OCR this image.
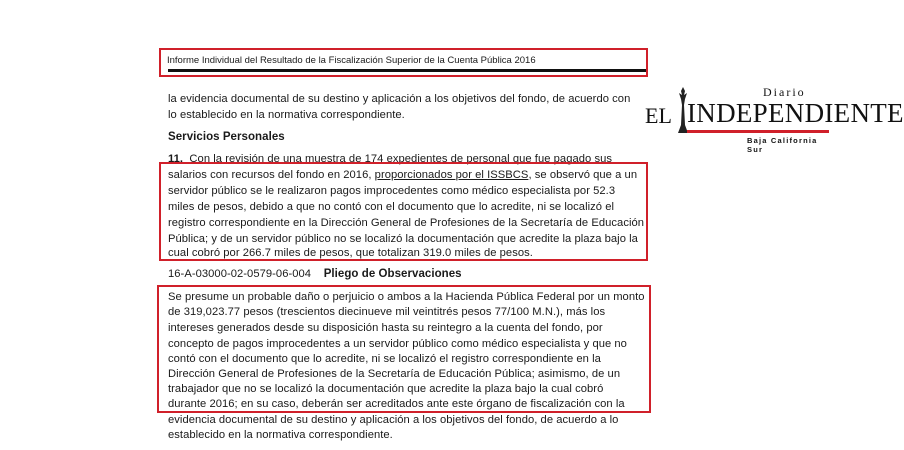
Informe Individual del Resultado de la Fiscalización Superior de la Cuenta Pública 2016
la evidencia documental de su destino y aplicación a los objetivos del fondo, de acuerdo con
lo establecido en la normativa correspondiente.
Servicios Personales
11. Con la revisión de una muestra de 174 expedientes de personal que fue pagado sus
salarios con recursos del fondo en 2016, proporcionados por el ISSBCS, se observó que a un
servidor público se le realizaron pagos improcedentes como médico especialista por 52.3
miles de pesos, debido a que no contó con el documento que lo acredite, ni se localizó el
registro correspondiente en la Dirección General de Profesiones de la Secretaría de Educación
Pública; y de un servidor público no se localizó la documentación que acredite la plaza bajo la
cual cobró por 266.7 miles de pesos, que totalizan 319.0 miles de pesos.
16-A-03000-02-0579-06-004 Pliego de Observaciones
Se presume un probable daño o perjuicio o ambos a la Hacienda Pública Federal por un monto
de 319,023.77 pesos (trescientos diecinueve mil veintitrés pesos 77/100 M.N.), más los
intereses generados desde su disposición hasta su reintegro a la cuenta del fondo, por
concepto de pagos improcedentes a un servidor público como médico especialista y que no
contó con el documento que lo acredite, ni se localizó el registro correspondiente en la
Dirección General de Profesiones de la Secretaría de Educación Pública; asimismo, de un
trabajador que no se localizó la documentación que acredite la plaza bajo la cual cobró
durante 2016; en su caso, deberán ser acreditados ante este órgano de fiscalización con la
evidencia documental de su destino y aplicación a los objetivos del fondo, de acuerdo a lo
establecido en la normativa correspondiente.
Diario
EL INDEPENDIENTE
Baja California Sur
